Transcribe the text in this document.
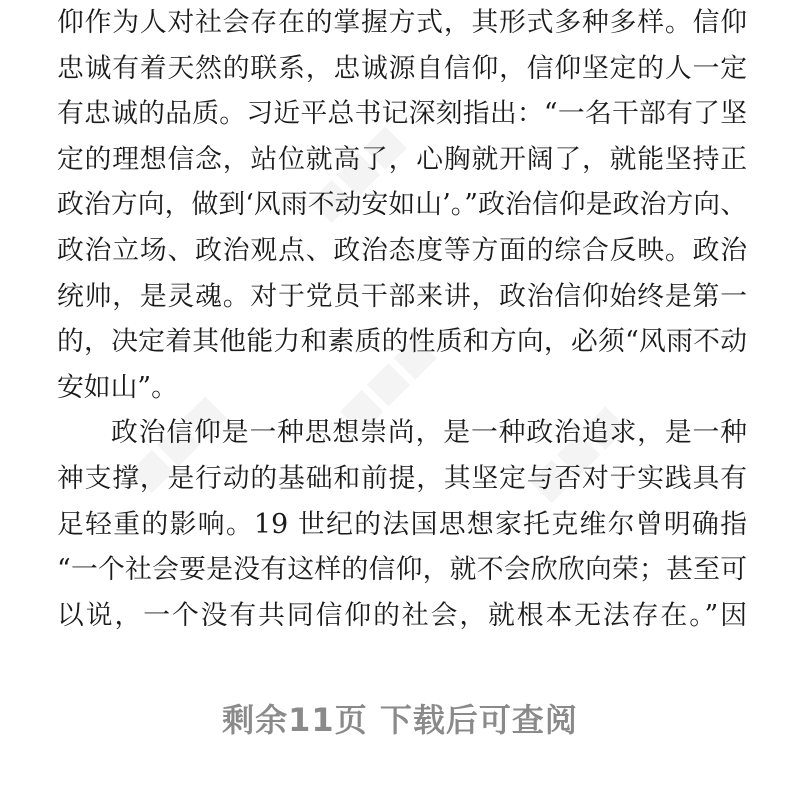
■■■
■■■	■■■
■■■
仰作为人对社会存在的掌握方式，其形式多种多样。信仰
忠诚有着天然的联系，忠诚源自信仰，信仰坚定的人一定
有忠诚的品质。习近平总书记深刻指出：“一名干部有了坚
定的理想信念，站位就高了，心胸就开阔了，就能坚持正
政治方向，做到‘风雨不动安如山’。”政治信仰是政治方向、
政治立场、政治观点、政治态度等方面的综合反映。政治
统帅，是灵魂。对于党员干部来讲，政治信仰始终是第一
的，决定着其他能力和素质的性质和方向，必须“风雨不动
安如山”。
政治信仰是一种思想崇尚，是一种政治追求，是一种
神支撑，是行动的基础和前提，其坚定与否对于实践具有
足轻重的影响。19 世纪的法国思想家托克维尔曾明确指
“一个社会要是没有这样的信仰，就不会欣欣向荣；甚至可
以说，一个没有共同信仰的社会，就根本无法存在。”因
剩余11页 下载后可查阅
